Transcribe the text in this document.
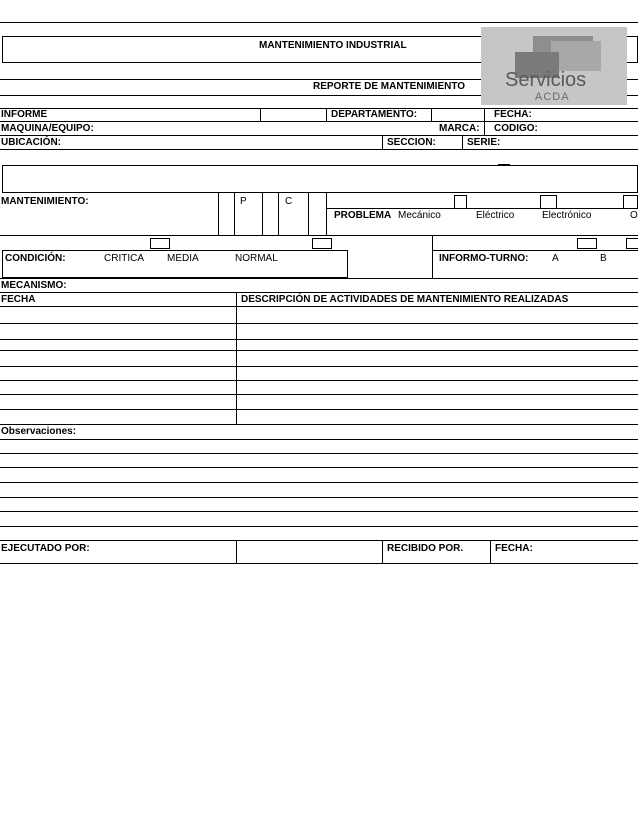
MANTENIMIENTO INDUSTRIAL
REPORTE DE MANTENIMIENTO Servicios
ACDA
INFORME	DEPARTAMENTO:	FECHA:
MAQUINA/EQUIPO:	MARCA: CODIGO:
UBICACIÓN:	SECCION:	SERIE:
MANTENIMIENTO:	P	C
PROBLEMA Mecánico	Eléctrico	Electrónico	O
CONDICIÓN:	CRITICA MEDIA	NORMAL	INFORMO-TURNO: A	B
MECANISMO:
FECHA	DESCRIPCIÓN DE ACTIVIDADES DE MANTENIMIENTO REALIZADAS
Observaciones:
EJECUTADO POR:	RECIBIDO POR.	FECHA:
